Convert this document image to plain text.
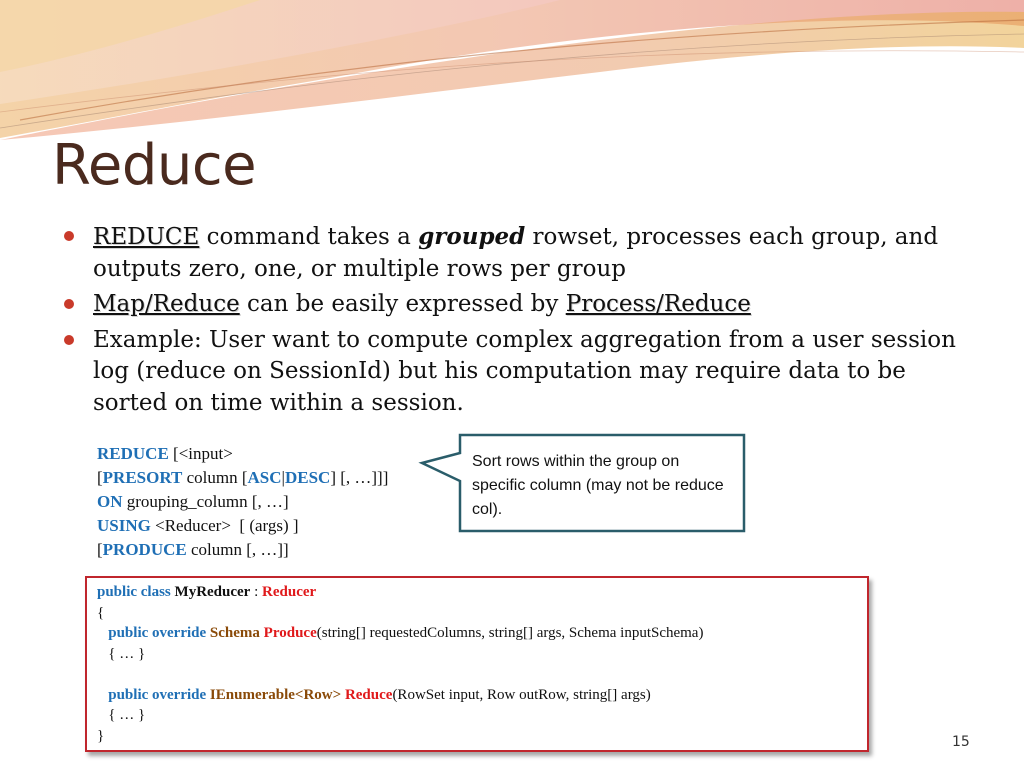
Reduce
REDUCE command takes a grouped rowset, processes each group, and outputs zero, one, or multiple rows per group
Map/Reduce can be easily expressed by Process/Reduce
Example: User want to compute complex aggregation from a user session log (reduce on SessionId) but his computation may require data to be sorted on time within a session.
REDUCE [<input>
[PRESORT column [ASC|DESC] [, …]]]
ON grouping_column [, …]
USING <Reducer>  [ (args) ]
[PRODUCE column [, …]]
Sort rows within the group on specific column (may not be reduce col).
public class MyReducer : Reducer
{
public override Schema Produce(string[] requestedColumns, string[] args, Schema inputSchema)
{ … }

public override IEnumerable<Row> Reduce(RowSet input, Row outRow, string[] args)
{ … }
}	15
